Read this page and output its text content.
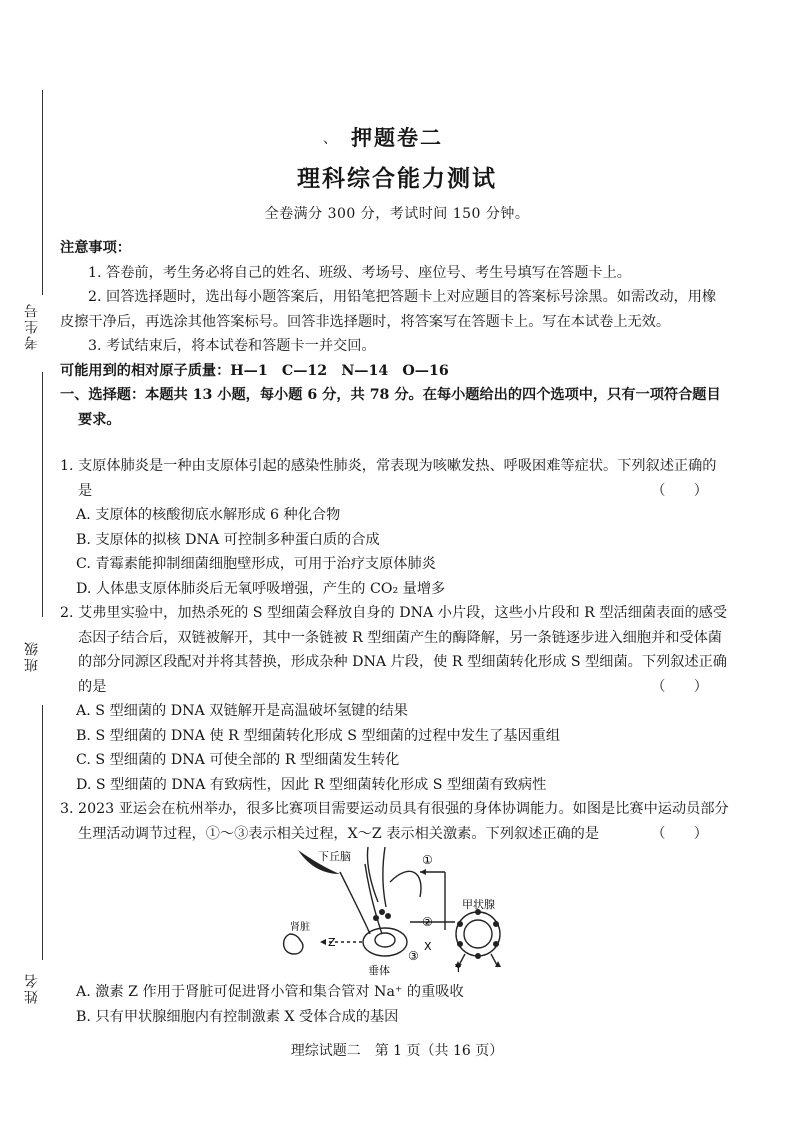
考生号
班级
姓名
、 押题卷二
理科综合能力测试
全卷满分 300 分，考试时间 150 分钟。

注意事项：

1. 答卷前，考生务必将自己的姓名、班级、考场号、座位号、考生号填写在答题卡上。

2. 回答选择题时，选出每小题答案后，用铅笔把答题卡上对应题目的答案标号涂黑。如需改动，用橡皮擦干净后，再选涂其他答案标号。回答非选择题时，将答案写在答题卡上。写在本试卷上无效。

3. 考试结束后，将本试卷和答题卡一并交回。

可能用到的相对原子质量：H—1　C—12　N—14　O—16

一、选择题：本题共 13 小题，每小题 6 分，共 78 分。在每小题给出的四个选项中，只有一项符合题目要求。

1. 支原体肺炎是一种由支原体引起的感染性肺炎，常表现为咳嗽发热、呼吸困难等症状。下列叙述正确的是	（　　）

A. 支原体的核酸彻底水解形成 6 种化合物

B. 支原体的拟核 DNA 可控制多种蛋白质的合成

C. 青霉素能抑制细菌细胞壁形成，可用于治疗支原体肺炎

D. 人体患支原体肺炎后无氧呼吸增强，产生的 CO₂ 量增多

2. 艾弗里实验中，加热杀死的 S 型细菌会释放自身的 DNA 小片段，这些小片段和 R 型活细菌表面的感受态因子结合后，双链被解开，其中一条链被 R 型细菌产生的酶降解，另一条链逐步进入细胞并和受体菌的部分同源区段配对并将其替换，形成杂种 DNA 片段，使 R 型细菌转化形成 S 型细菌。下列叙述正确的是	（　　）

A. S 型细菌的 DNA 双链解开是高温破坏氢键的结果

B. S 型细菌的 DNA 使 R 型细菌转化形成 S 型细菌的过程中发生了基因重组

C. S 型细菌的 DNA 可使全部的 R 型细菌发生转化

D. S 型细菌的 DNA 有致病性，因此 R 型细菌转化形成 S 型细菌有致病性

3. 2023 亚运会在杭州举办，很多比赛项目需要运动员具有很强的身体协调能力。如图是比赛中运动员部分生理活动调节过程，①～③表示相关过程，X～Z 表示相关激素。下列叙述正确的是	（　　）

下丘脑	①
②
③
X
Y
Z
肾脏
垂体
甲状腺

A. 激素 Z 作用于肾脏可促进肾小管和集合管对 Na⁺ 的重吸收

B. 只有甲状腺细胞内有控制激素 X 受体合成的基因

理综试题二　第 1 页（共 16 页）
